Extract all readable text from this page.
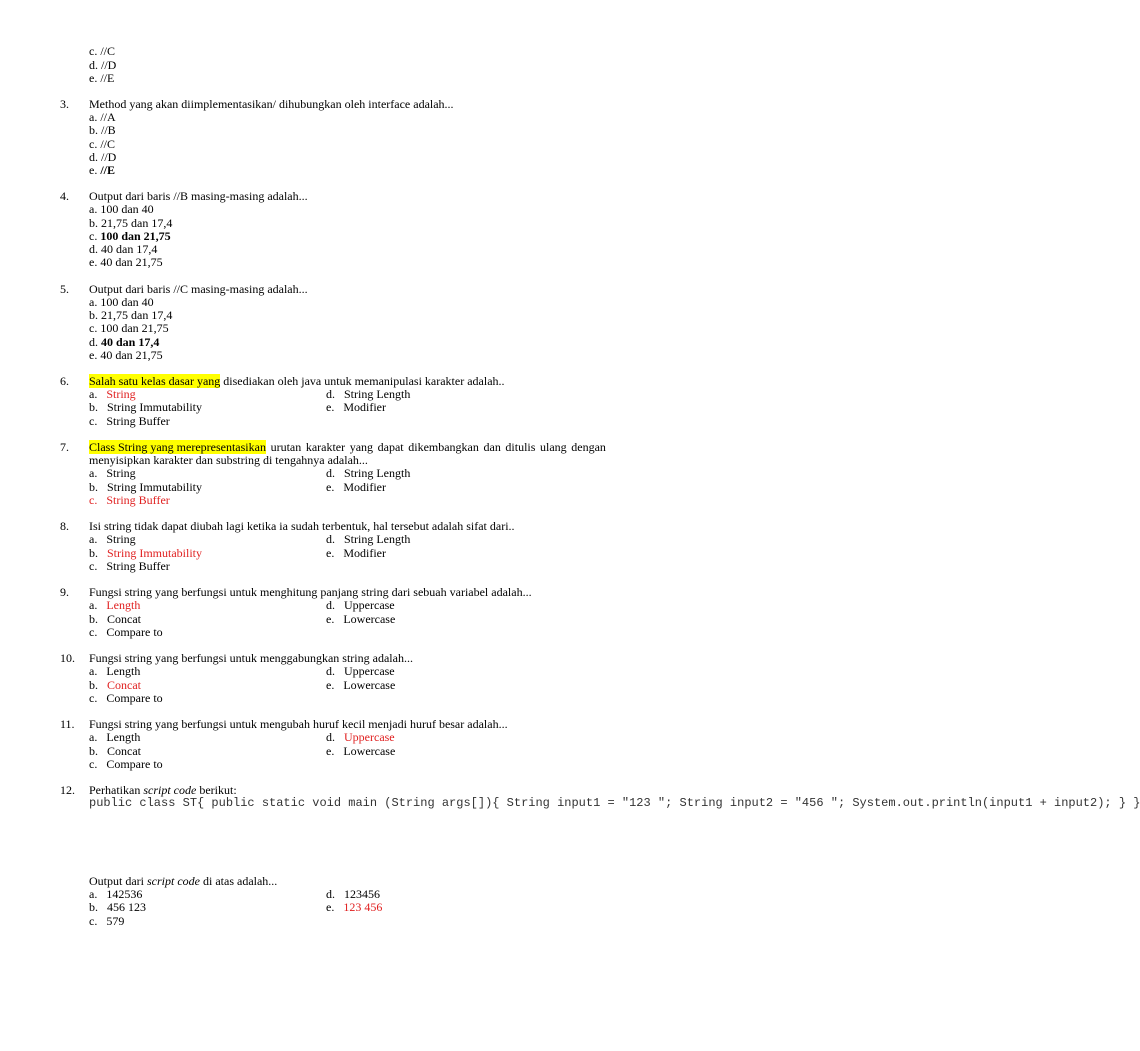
c. //C
d. //D
e. //E
3. Method yang akan diimplementasikan/ dihubungkan oleh interface adalah...
a. //A
b. //B
c. //C
d. //D
e. //E
4. Output dari baris //B masing-masing adalah...
a. 100 dan 40
b. 21,75 dan 17,4
c. 100 dan 21,75
d. 40 dan 17,4
e. 40 dan 21,75
5. Output dari baris //C masing-masing adalah...
a. 100 dan 40
b. 21,75 dan 17,4
c. 100 dan 21,75
d. 40 dan 17,4
e. 40 dan 21,75
6. Salah satu kelas dasar yang disediakan oleh java untuk memanipulasi karakter adalah..
a. String
b. String Immutability
c. String Buffer
d. String Length
e. Modifier
7. Class String yang merepresentasikan urutan karakter yang dapat dikembangkan dan ditulis ulang dengan
menyisipkan karakter dan substring di tengahnya adalah...
a. String
b. String Immutability
c. String Buffer
d. String Length
e. Modifier
8. Isi string tidak dapat diubah lagi ketika ia sudah terbentuk, hal tersebut adalah sifat dari..
a. String
b. String Immutability
c. String Buffer
d. String Length
e. Modifier
9. Fungsi string yang berfungsi untuk menghitung panjang string dari sebuah variabel adalah...
a. Length
b. Concat
c. Compare to
d. Uppercase
e. Lowercase
10. Fungsi string yang berfungsi untuk menggabungkan string adalah...
a. Length
b. Concat
c. Compare to
d. Uppercase
e. Lowercase
11. Fungsi string yang berfungsi untuk mengubah huruf kecil menjadi huruf besar adalah...
a. Length
b. Concat
c. Compare to
d. Uppercase
e. Lowercase
12. Perhatikan script code berikut:
public class ST{ public static void main (String args[]){ String input1 = "123 "; String input2 = "456 "; System.out.println(input1 + input2); } }
Output dari script code di atas adalah...
a. 142536
b. 456 123
c. 579
d. 123456
e. 123 456
